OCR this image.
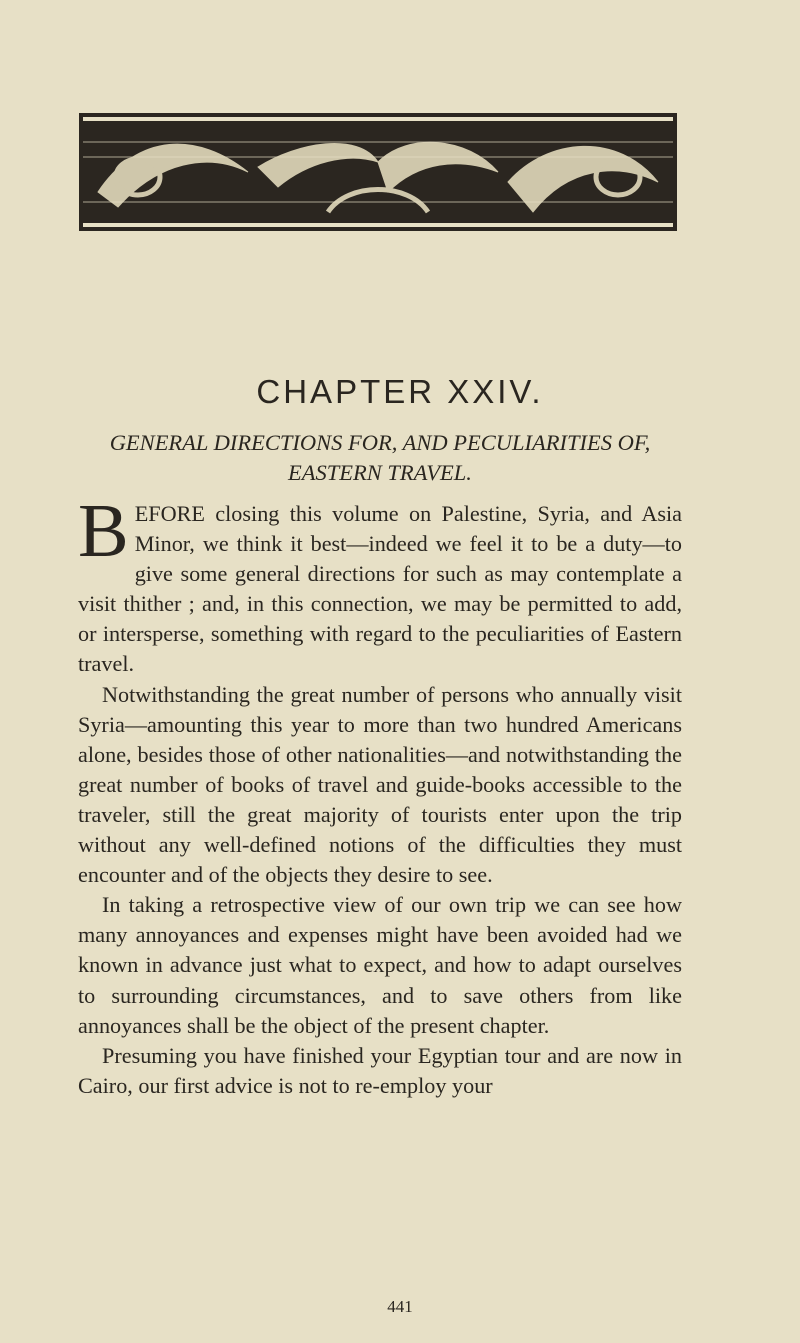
CHAPTER XXIV.
GENERAL DIRECTIONS FOR, AND PECULIARITIES OF,
EASTERN TRAVEL.

BEFORE closing this volume on Palestine, Syria, and Asia Minor, we think it best—indeed we feel it to be a duty—to give some general directions for such as may contemplate a visit thither ; and, in this connection, we may be permitted to add, or intersperse, something with regard to the peculiarities of Eastern travel.

Notwithstanding the great number of persons who annually visit Syria—amounting this year to more than two hundred Americans alone, besides those of other nationalities—and notwithstanding the great number of books of travel and guide-books accessible to the traveler, still the great majority of tourists enter upon the trip without any well-defined notions of the difficulties they must encounter and of the objects they desire to see.

In taking a retrospective view of our own trip we can see how many annoyances and expenses might have been avoided had we known in advance just what to expect, and how to adapt ourselves to surrounding circumstances, and to save others from like annoyances shall be the object of the present chapter.

Presuming you have finished your Egyptian tour and are now in Cairo, our first advice is not to re-employ your

441
